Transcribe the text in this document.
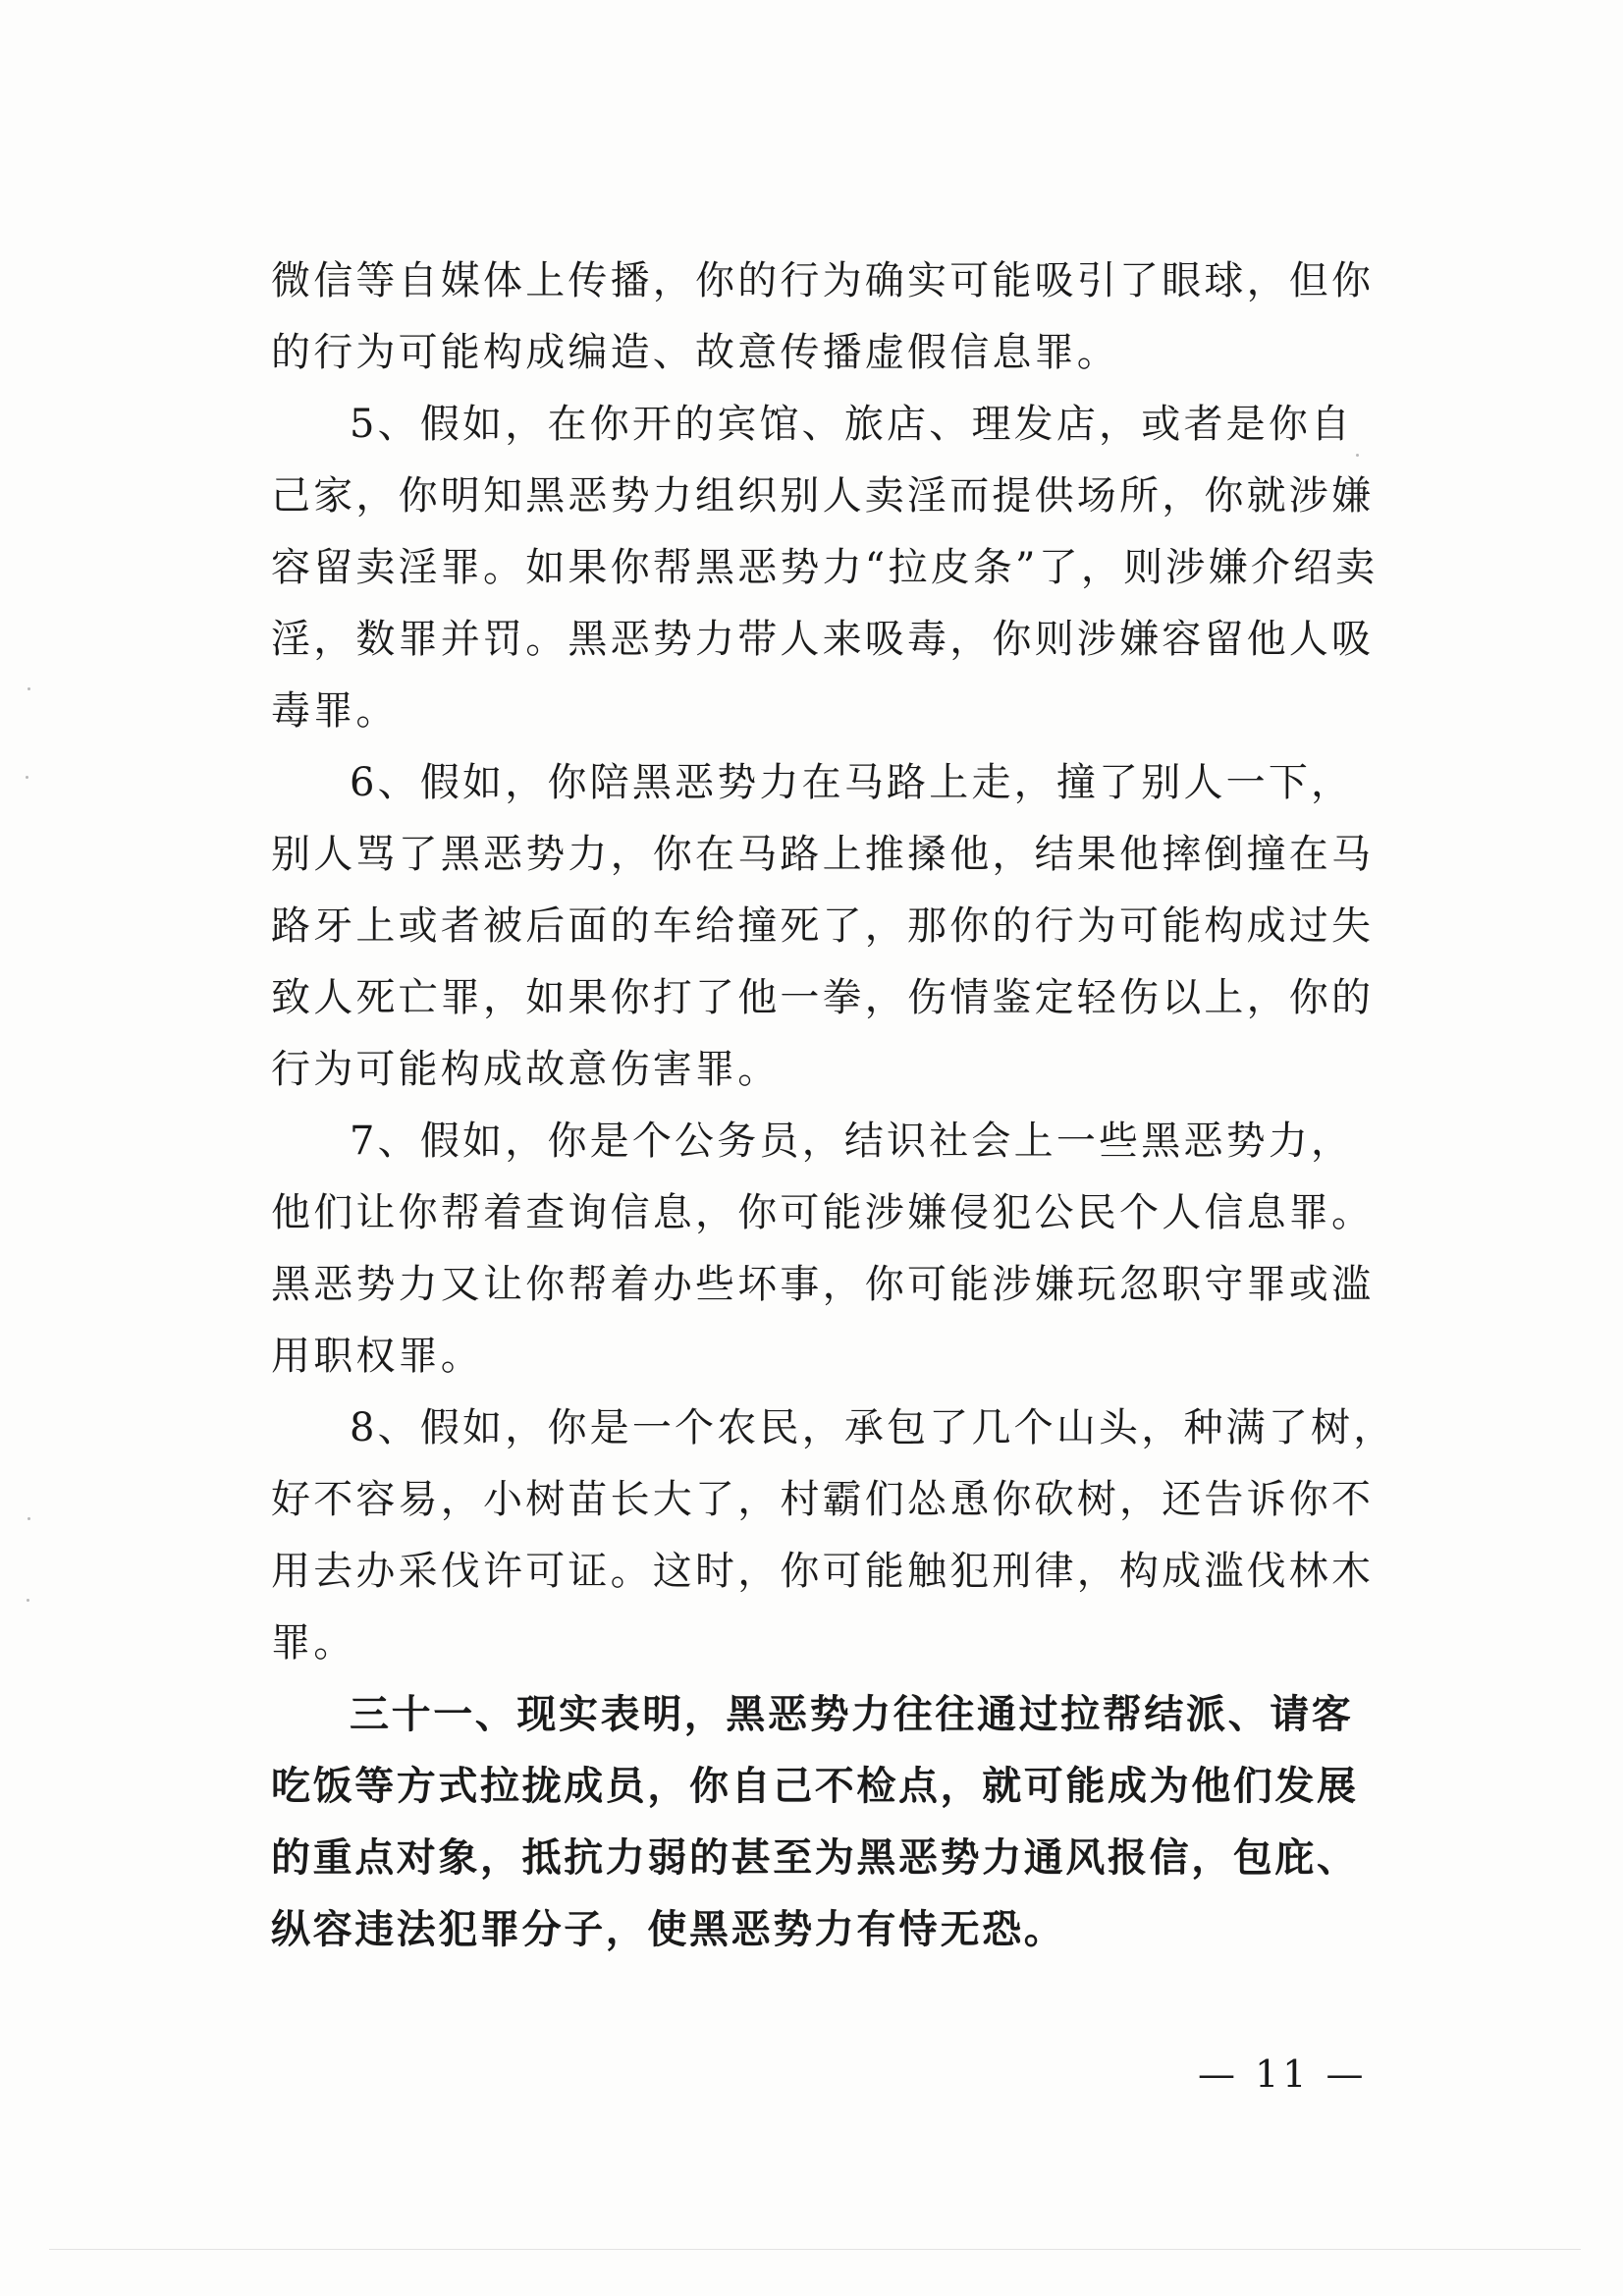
微信等自媒体上传播，你的行为确实可能吸引了眼球，但你
的行为可能构成编造、故意传播虚假信息罪。
5、假如，在你开的宾馆、旅店、理发店，或者是你自
己家，你明知黑恶势力组织别人卖淫而提供场所，你就涉嫌
容留卖淫罪。如果你帮黑恶势力“拉皮条”了，则涉嫌介绍卖
淫，数罪并罚。黑恶势力带人来吸毒，你则涉嫌容留他人吸
毒罪。
6、假如，你陪黑恶势力在马路上走，撞了别人一下，
别人骂了黑恶势力，你在马路上推搡他，结果他摔倒撞在马
路牙上或者被后面的车给撞死了，那你的行为可能构成过失
致人死亡罪，如果你打了他一拳，伤情鉴定轻伤以上，你的
行为可能构成故意伤害罪。
7、假如，你是个公务员，结识社会上一些黑恶势力，
他们让你帮着查询信息，你可能涉嫌侵犯公民个人信息罪。
黑恶势力又让你帮着办些坏事，你可能涉嫌玩忽职守罪或滥
用职权罪。
8、假如，你是一个农民，承包了几个山头，种满了树，
好不容易，小树苗长大了，村霸们怂恿你砍树，还告诉你不
用去办采伐许可证。这时，你可能触犯刑律，构成滥伐林木
罪。
三十一、现实表明，黑恶势力往往通过拉帮结派、请客
吃饭等方式拉拢成员，你自己不检点，就可能成为他们发展
的重点对象，抵抗力弱的甚至为黑恶势力通风报信，包庇、
纵容违法犯罪分子，使黑恶势力有恃无恐。
— 11 —
